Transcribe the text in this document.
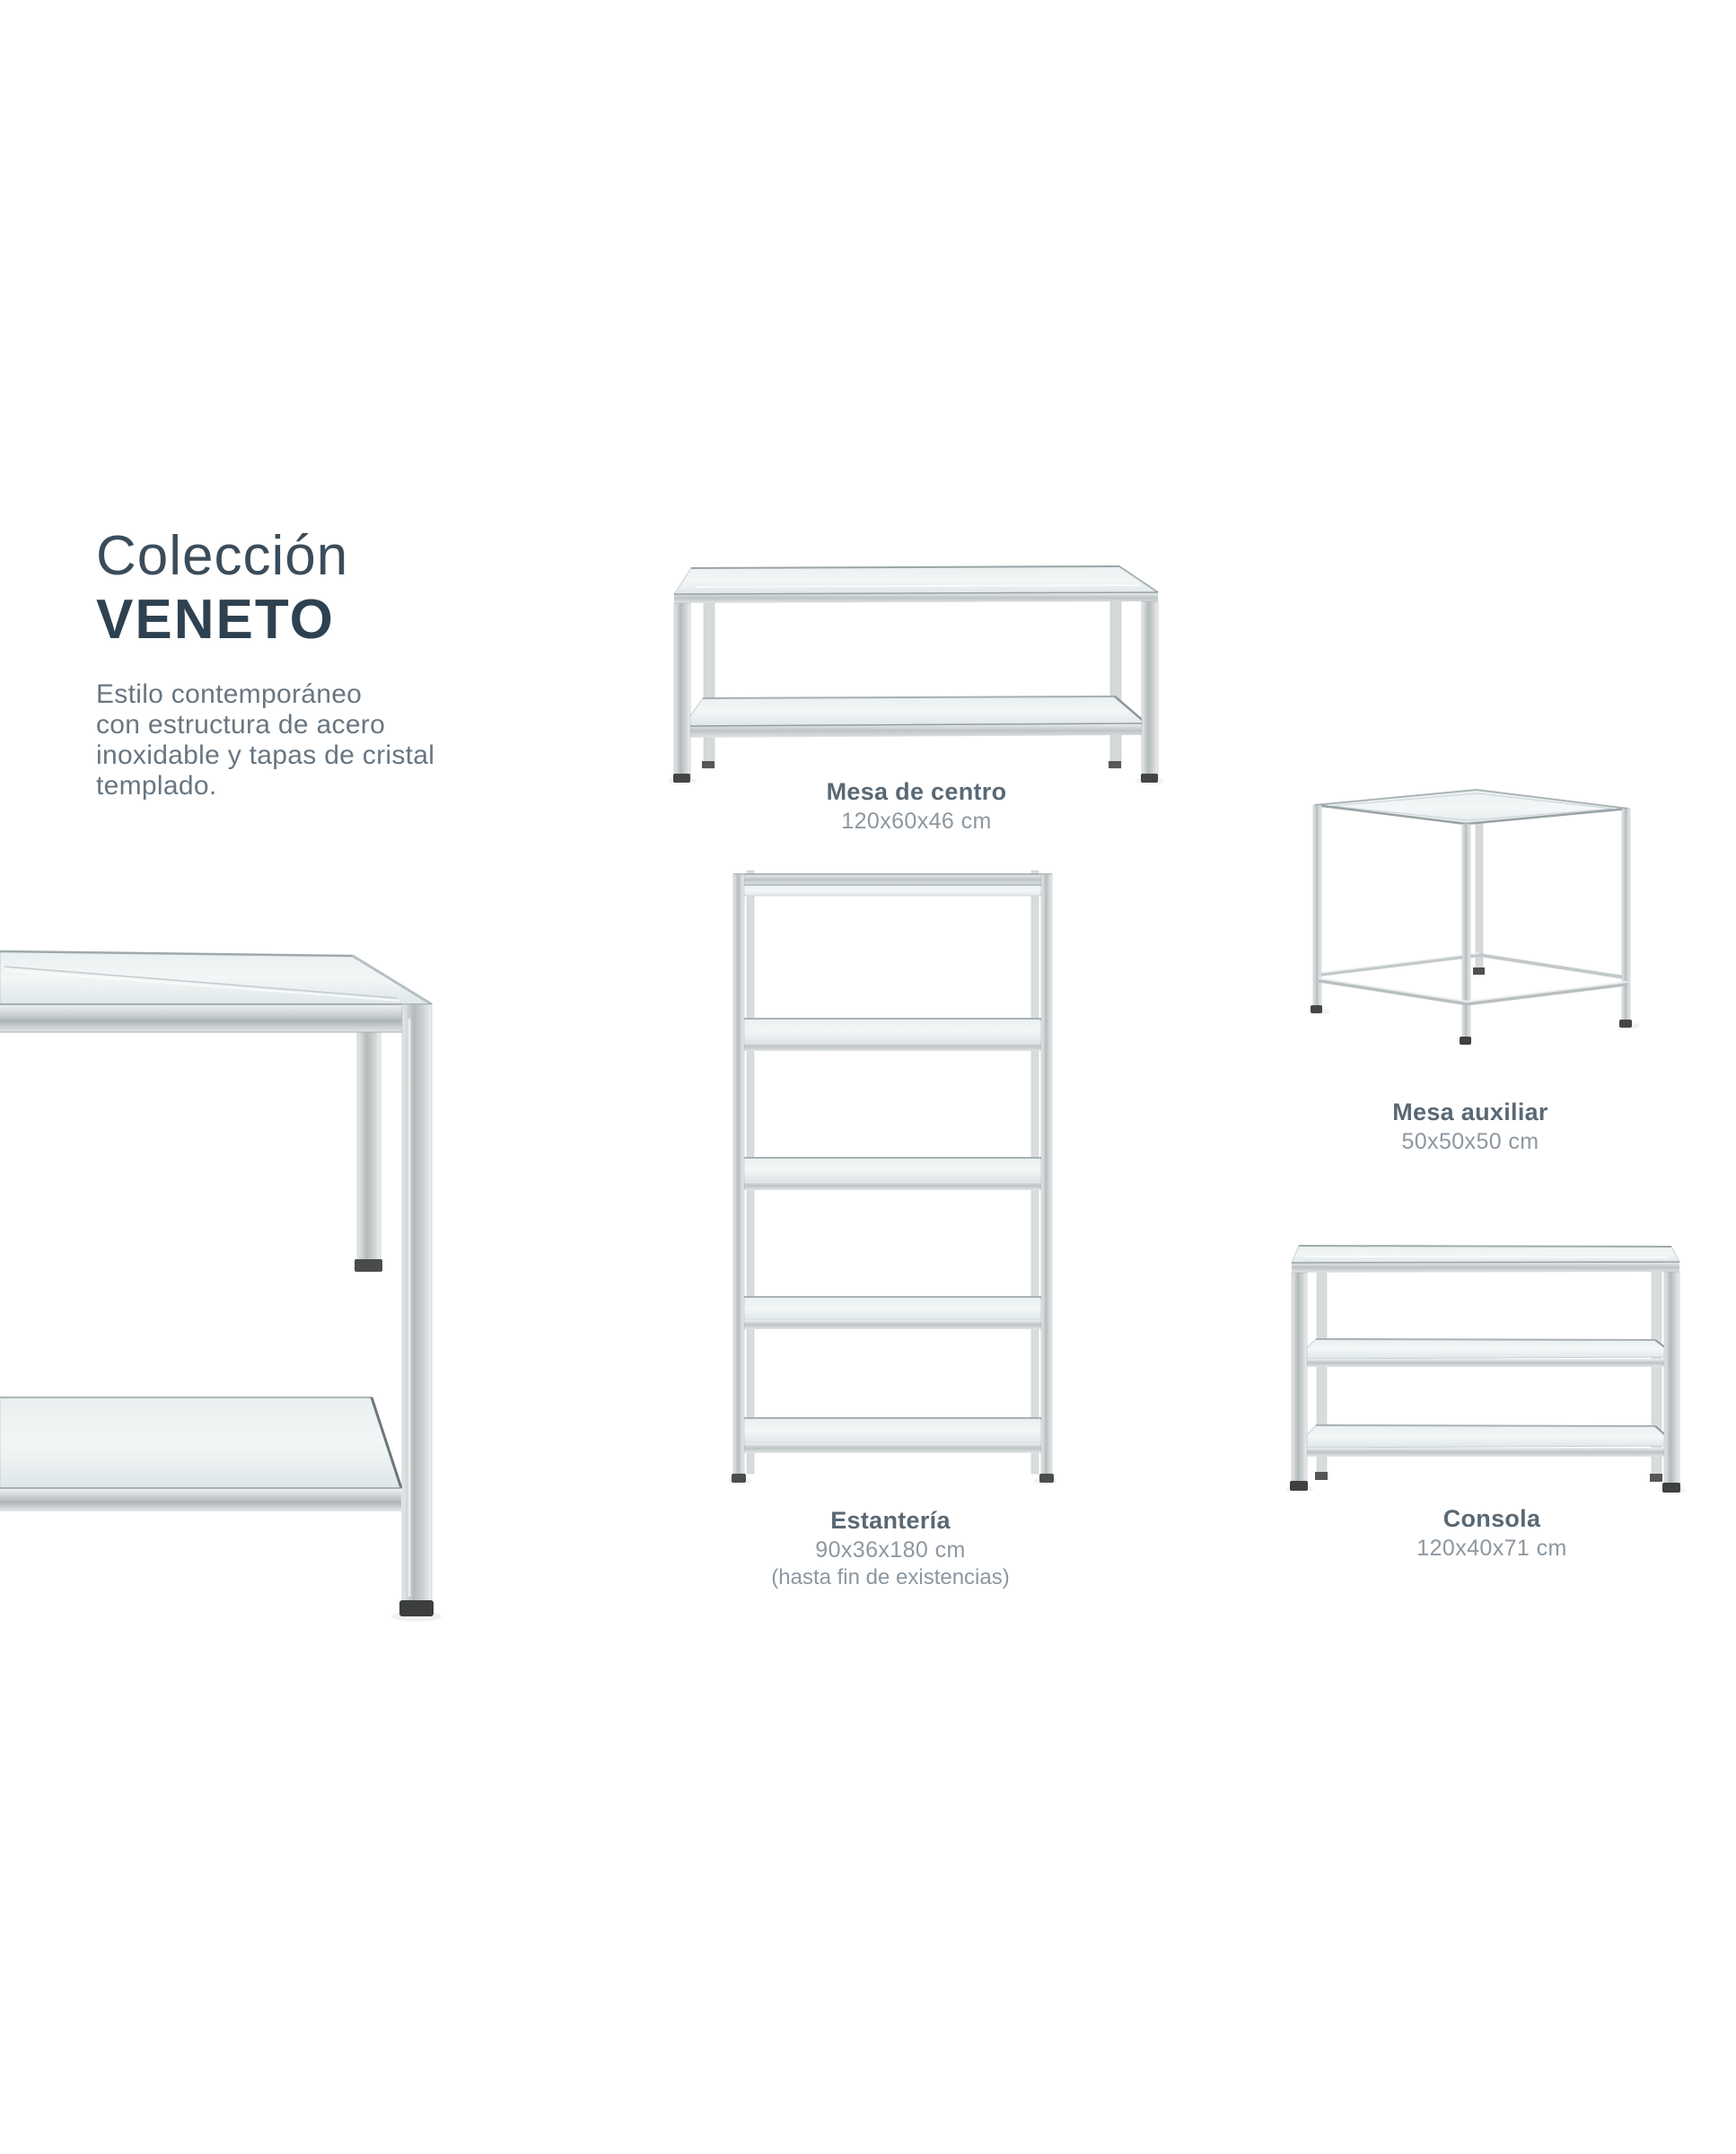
Colección
VENETO
Estilo contemporáneo
con estructura de acero
inoxidable y tapas de cristal
templado.	Mesa de centro
120x60x46 cm
Mesa auxiliar
50x50x50 cm
Estantería
90x36x180 cm
(hasta fin de existencias)
Consola
120x40x71 cm
